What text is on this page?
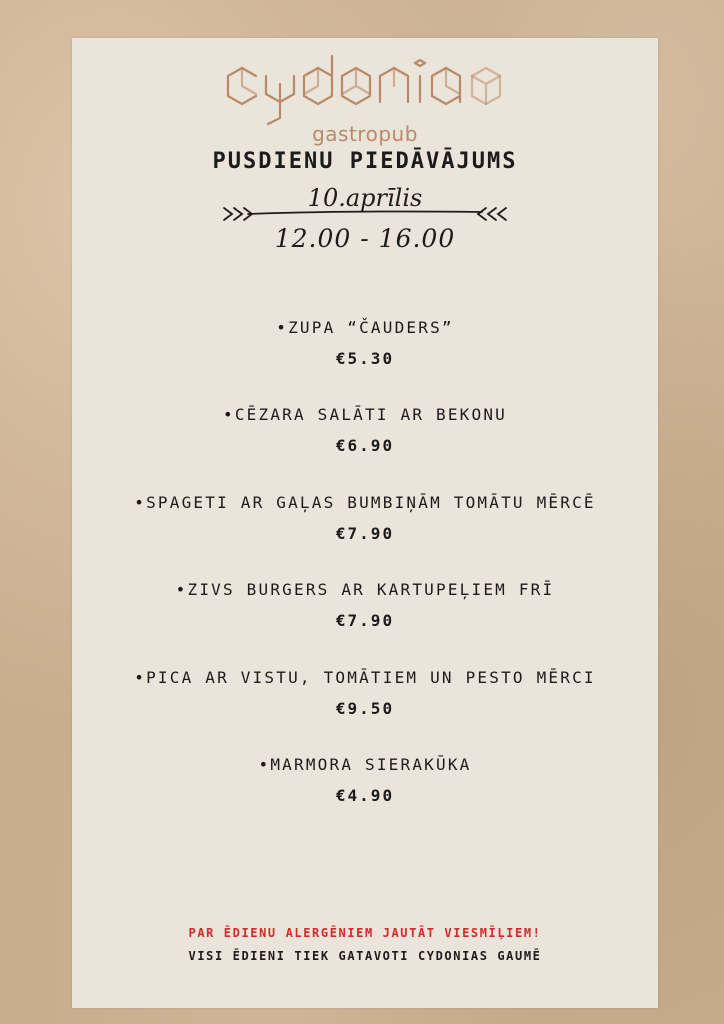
gastropub
PUSDIENU PIEDĀVĀJUMS
10.aprīlis
12.00 - 16.00
•ZUPA “ČAUDERS”
€5.30
•CĒZARA SALĀTI AR BEKONU
€6.90
•SPAGETI AR GAĻAS BUMBIŅĀM TOMĀTU MĒRCĒ
€7.90
•ZIVS BURGERS AR KARTUPEĻIEM FRĪ
€7.90
•PICA AR VISTU, TOMĀTIEM UN PESTO MĒRCI
€9.50
•MARMORA SIERAKŪKA
€4.90
PAR ĒDIENU ALERGĒNIEM JAUTĀT VIESMĪĻIEM!
VISI ĒDIENI TIEK GATAVOTI CYDONIAS GAUMĒ
